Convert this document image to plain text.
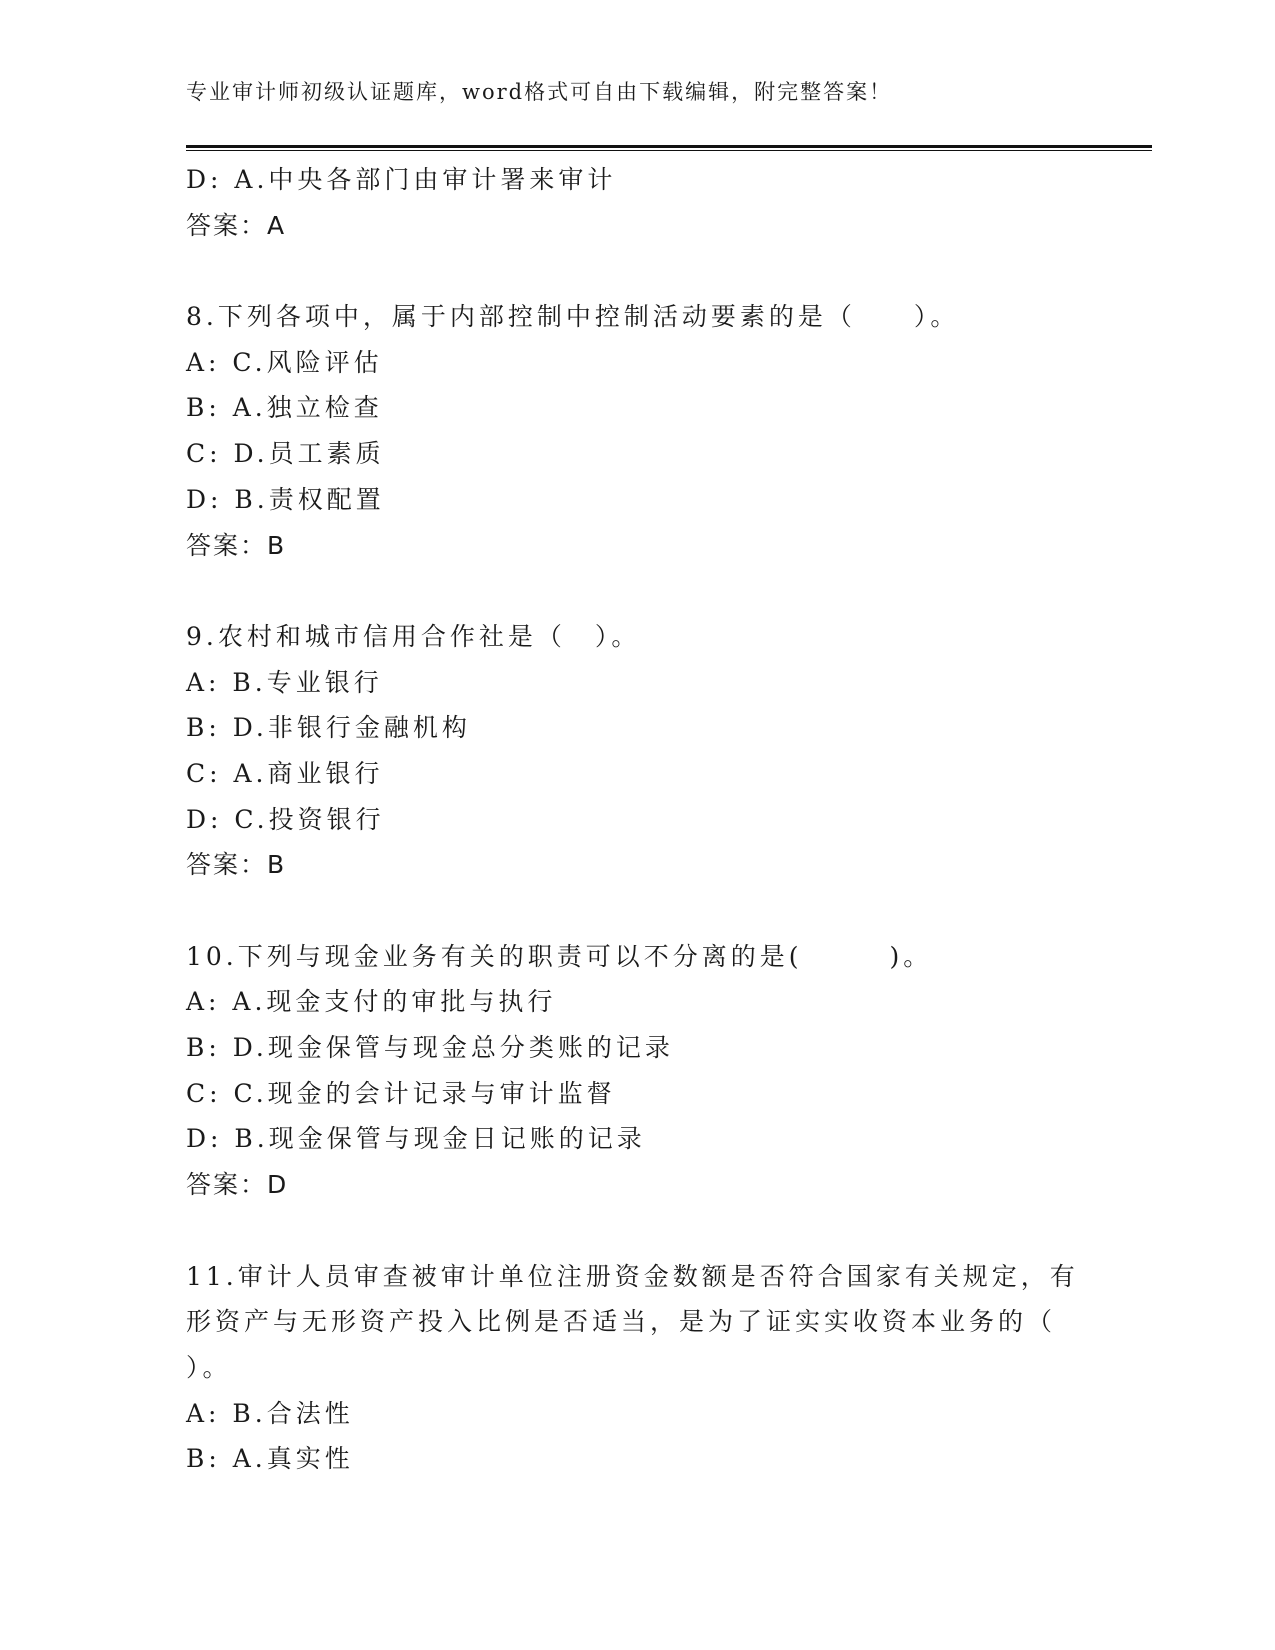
专业审计师初级认证题库，word格式可自由下载编辑，附完整答案！
D: A.中央各部门由审计署来审计
答案：A
8.下列各项中，属于内部控制中控制活动要素的是（　　）。
A: C.风险评估
B: A.独立检查
C: D.员工素质
D: B.责权配置
答案：B
9.农村和城市信用合作社是（　）。
A: B.专业银行
B: D.非银行金融机构
C: A.商业银行
D: C.投资银行
答案：B
10.下列与现金业务有关的职责可以不分离的是(　　　)。
A: A.现金支付的审批与执行
B: D.现金保管与现金总分类账的记录
C: C.现金的会计记录与审计监督
D: B.现金保管与现金日记账的记录
答案：D
11.审计人员审查被审计单位注册资金数额是否符合国家有关规定，有
形资产与无形资产投入比例是否适当，是为了证实实收资本业务的（
）。
A: B.合法性
B: A.真实性
